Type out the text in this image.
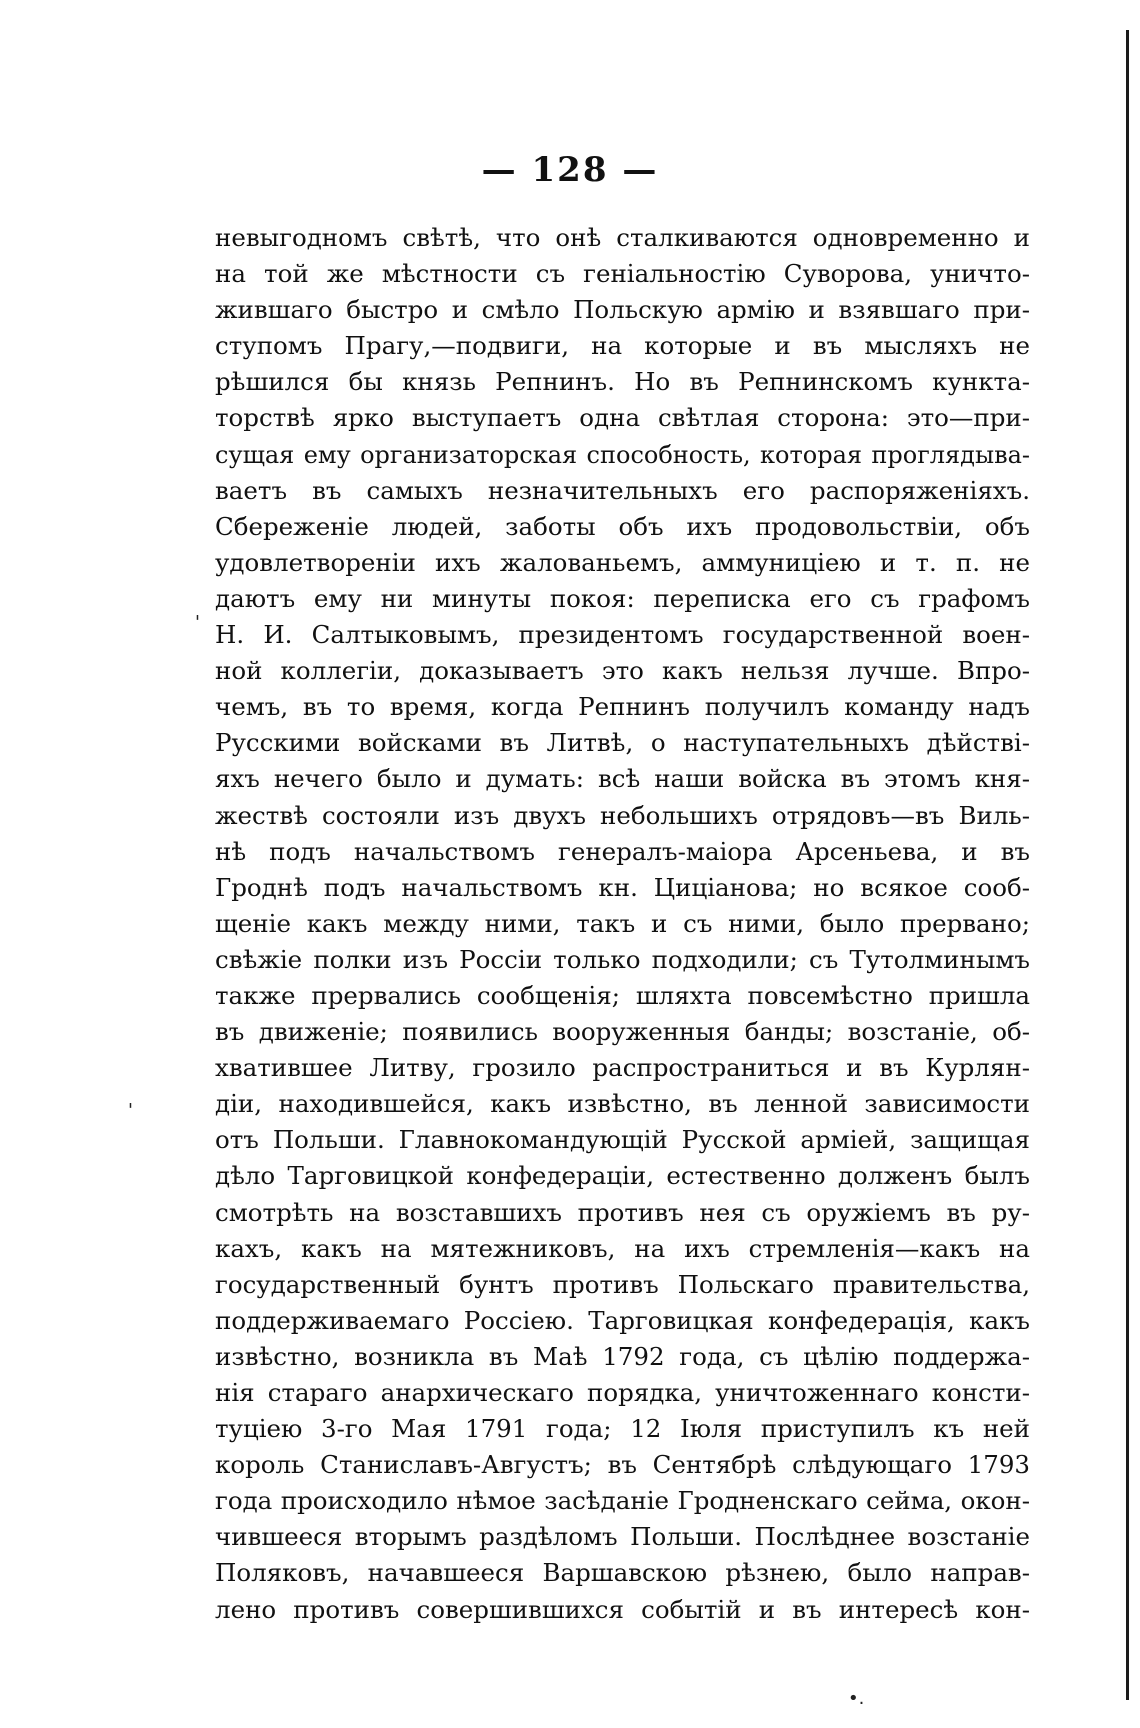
— 128 —
невыгодномъ свѣтѣ, что онѣ сталкиваются одновременно и
на той же мѣстности съ геніальностію Суворова, уничто-
жившаго быстро и смѣло Польскую армію и взявшаго при-
ступомъ Прагу,—подвиги, на которые и въ мысляхъ не
рѣшился бы князь Репнинъ. Но въ Репнинскомъ кункта-
торствѣ ярко выступаетъ одна свѣтлая сторона: это—при-
сущая ему организаторская способность, которая проглядыва-
ваетъ въ самыхъ незначительныхъ его распоряженіяхъ.
Сбереженіе людей, заботы объ ихъ продовольствіи, объ
удовлетвореніи ихъ жалованьемъ, аммуниціею и т. п. не
даютъ ему ни минуты покоя: переписка его съ графомъ
Н. И. Салтыковымъ, президентомъ государственной воен-
ной коллегіи, доказываетъ это какъ нельзя лучше. Впро-
чемъ, въ то время, когда Репнинъ получилъ команду надъ
Русскими войсками въ Литвѣ, о наступательныхъ дѣйствi-
яхъ нечего было и думать: всѣ наши войска въ этомъ кня-
жествѣ состояли изъ двухъ небольшихъ отрядовъ—въ Виль-
нѣ подъ начальствомъ генералъ-маіора Арсеньева, и въ
Гроднѣ подъ начальствомъ кн. Циціанова; но всякое сооб-
щеніе какъ между ними, такъ и съ ними, было прервано;
свѣжіе полки изъ Россіи только подходили; съ Тутолминымъ
также прервались сообщенія; шляхта повсемѣстно пришла
въ движеніе; появились вооруженныя банды; возстаніе, об-
хватившее Литву, грозило распространиться и въ Курлян-
діи, находившейся, какъ извѣстно, въ ленной зависимости
отъ Польши. Главнокомандующій Русской арміей, защищая
дѣло Тарговицкой конфедераціи, естественно долженъ былъ
смотрѣть на возставшихъ противъ нея съ оружіемъ въ ру-
кахъ, какъ на мятежниковъ, на ихъ стремленія—какъ на
государственный бунтъ противъ Польскаго правительства,
поддерживаемаго Россіею. Тарговицкая конфедерація, какъ
извѣстно, возникла въ Маѣ 1792 года, съ цѣлію поддержа-
нія стараго анархическаго порядка, уничтоженнаго консти-
туціею 3-го Мая 1791 года; 12 Іюля приступилъ къ ней
король Станиславъ-Августъ; въ Сентябрѣ слѣдующаго 1793
года происходило нѣмое засѣданіе Гродненскаго сейма, окон-
чившееся вторымъ раздѣломъ Польши. Послѣднее возстаніе
Поляковъ, начавшееся Варшавскою рѣзнею, было направ-
лено противъ совершившихся событій и въ интересѣ кон-
'
'
•.
